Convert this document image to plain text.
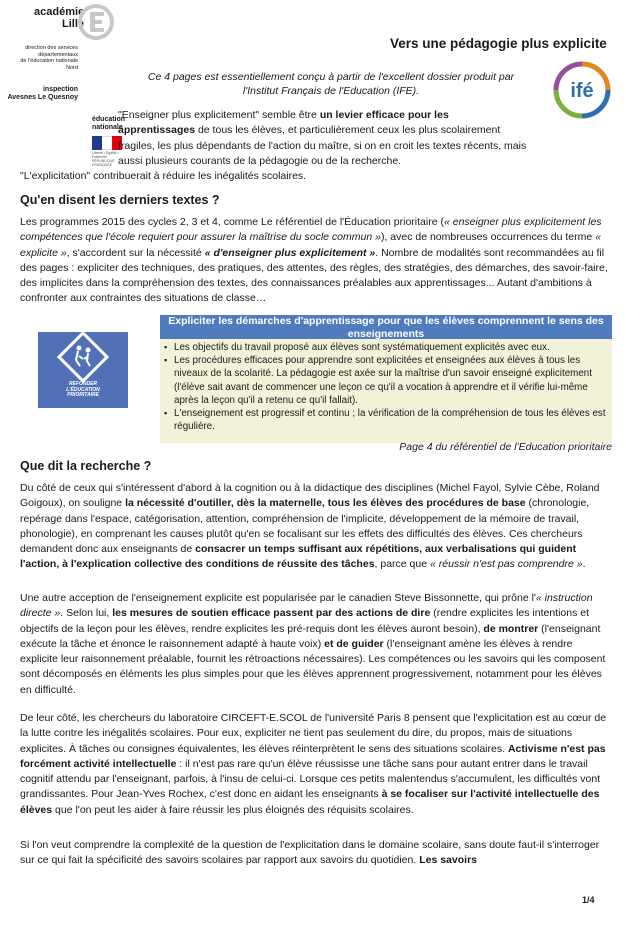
académie
Lille
direction des services
départementaux
de l'éducation nationale
Nord
inspection
Avesnes Le Quesnoy
éducation
nationale
Liberté • Égalité • Fraternité
RÉPUBLIQUE FRANÇAISE
ifé
Vers une pédagogie plus explicite
Ce 4 pages est essentiellement conçu à partir de l'excellent dossier produit par l'Institut Français de l'Education (IFE).
"Enseigner plus explicitement" semble être un levier efficace pour les apprentissages de tous les élèves, et particulièrement ceux les plus scolairement fragiles, les plus dépendants de l'action du maître, si on en croit les textes récents, mais aussi plusieurs courants de la pédagogie ou de la recherche.
"L'explicitation" contribuerait à réduire les inégalités scolaires.
Qu'en disent les derniers textes ?

Les programmes 2015 des cycles 2, 3 et 4, comme Le référentiel de l'Éducation prioritaire (« enseigner plus explicitement les compétences que l'école requiert pour assurer la maîtrise du socle commun »), avec de nombreuses occurrences du terme « explicite », s'accordent sur la nécessité « d'enseigner plus explicitement ». Nombre de modalités sont recommandées au fil des pages : expliciter des techniques, des pratiques, des attentes, des règles, des stratégies, des démarches, des savoir-faire, des implicites dans la compréhension des textes, des connaissances préalables aux apprentissages... Autant d'ambitions à confronter aux contraintes des situations de classe…

REFONDER
L'ÉDUCATION
PRIORITAIRE
Expliciter les démarches d'apprentissage pour que les élèves comprennent le sens des enseignements
▪ Les objectifs du travail proposé aux élèves sont systématiquement explicités avec eux.
▪ Les procédures efficaces pour apprendre sont explicitées et enseignées aux élèves à tous les niveaux de la scolarité. La pédagogie est axée sur la maîtrise d'un savoir enseigné explicitement (l'élève sait avant de commencer une leçon ce qu'il a vocation à apprendre et il vérifie lui-même après la leçon qu'il a retenu ce qu'il fallait).
▪ L'enseignement est progressif et continu ; la vérification de la compréhension de tous les élèves est régulière.
Page 4 du référentiel de l'Education prioritaire
Que dit la recherche ?

Du côté de ceux qui s'intéressent d'abord à la cognition ou à la didactique des disciplines (Michel Fayol, Sylvie Cèbe, Roland Goigoux), on souligne la nécessité d'outiller, dès la maternelle, tous les élèves des procédures de base (chronologie, repérage dans l'espace, catégorisation, attention, compréhension de l'implicite, développement de la mémoire de travail, phonologie), en comprenant les causes plutôt qu'en se focalisant sur les effets des difficultés des élèves. Ces chercheurs demandent donc aux enseignants de consacrer un temps suffisant aux répétitions, aux verbalisations qui guident l'action, à l'explication collective des conditions de réussite des tâches, parce que « réussir n'est pas comprendre ».

Une autre acception de l'enseignement explicite est popularisée par le canadien Steve Bissonnette, qui prône l'« instruction directe ». Selon lui, les mesures de soutien efficace passent par des actions de dire (rendre explicites les intentions et objectifs de la leçon pour les élèves, rendre explicites les pré-requis dont les élèves auront besoin), de montrer (l'enseignant exécute la tâche et énonce le raisonnement adapté à haute voix) et de guider (l'enseignant amène les élèves à rendre explicite leur raisonnement préalable, fournit les rétroactions nécessaires). Les compétences ou les savoirs qui les composent sont décomposés en éléments les plus simples pour que les élèves apprennent progressivement, notamment pour les élèves en difficulté.

De leur côté, les chercheurs du laboratoire CIRCEFT-E.SCOL de l'université Paris 8 pensent que l'explicitation est au cœur de la lutte contre les inégalités scolaires. Pour eux, expliciter ne tient pas seulement du dire, du propos, mais de situations explicites. À tâches ou consignes équivalentes, les élèves réinterprètent le sens des situations scolaires. Activisme n'est pas forcément activité intellectuelle : il n'est pas rare qu'un élève réussisse une tâche sans pour autant entrer dans le travail cognitif attendu par l'enseignant, parfois, à l'insu de celui-ci. Lorsque ces petits malentendus s'accumulent, les difficultés vont grandissantes. Pour Jean-Yves Rochex, c'est donc en aidant les enseignants à se focaliser sur l'activité intellectuelle des élèves que l'on peut les aider à faire réussir les plus éloignés des réquisits scolaires.

Si l'on veut comprendre la complexité de la question de l'explicitation dans le domaine scolaire, sans doute faut-il s'interroger sur ce qui fait la spécificité des savoirs scolaires par rapport aux savoirs du quotidien. Les savoirs

1/4
